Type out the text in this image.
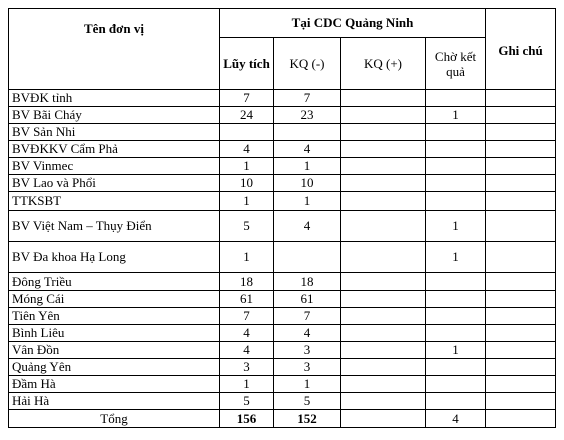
Tên đơn vị	Tại CDC Quảng Ninh				Ghi chú
	Lũy tích	KQ (-)	KQ (+)	Chờ kết quả	
BVĐK tỉnh	7	7			
BV Bãi Cháy	24	23		1	
BV Sản Nhi					
BVĐKKV Cẩm Phả	4	4			
BV Vinmec	1	1			
BV Lao và Phổi	10	10			
TTKSBT	1	1			
BV Việt Nam – Thụy Điển	5	4		1	
BV Đa khoa Hạ Long	1			1	
Đông Triều	18	18			
Móng Cái	61	61			
Tiên Yên	7	7			
Bình Liêu	4	4			
Vân Đồn	4	3		1	
Quảng Yên	3	3			
Đầm Hà	1	1			
Hải Hà	5	5			
Tổng	156	152		4	
